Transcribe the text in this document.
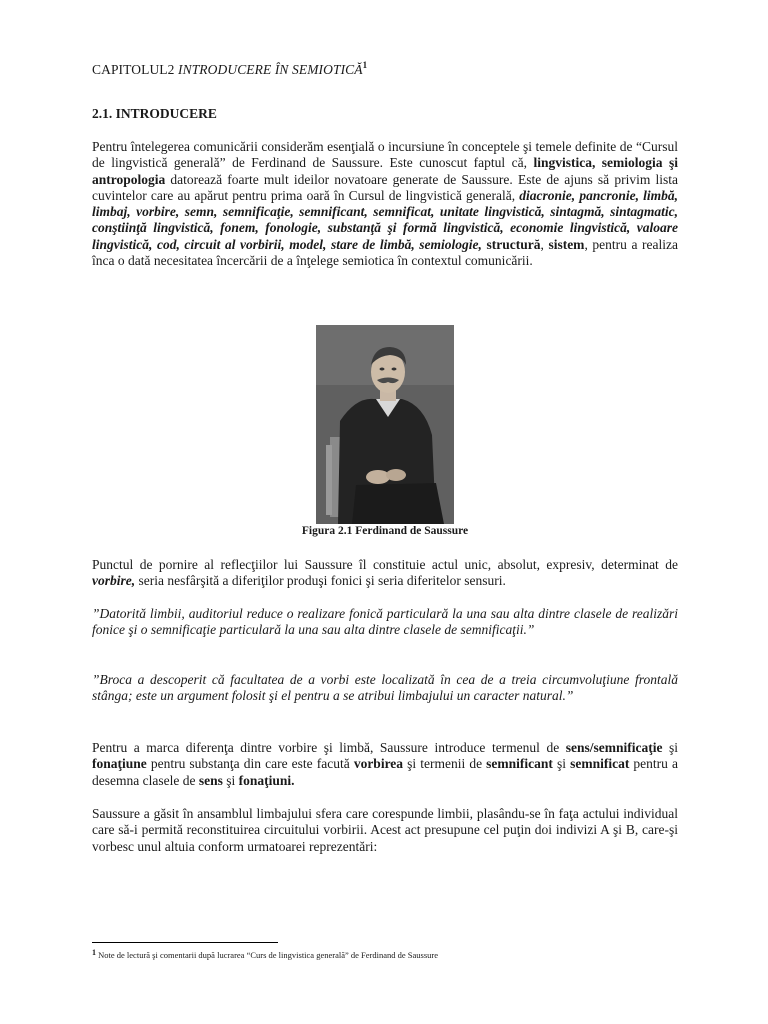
CAPITOLUL2 INTRODUCERE ÎN SEMIOTICĂ$^1$
2.1. INTRODUCERE

Pentru întelegerea comunicării considerăm esenţială o incursiune în conceptele şi temele definite de “Cursul de lingvistică generală” de Ferdinand de Saussure. Este cunoscut faptul că, lingvistica, semiologia şi antropologia datorează foarte mult ideilor novatoare generate de Saussure. Este de ajuns să privim lista cuvintelor care au apărut pentru prima oară în Cursul de lingvistică generală, diacronie, pancronie, limbă, limbaj, vorbire, semn, semnificaţie, semnificant, semnificat, unitate lingvistică, sintagmă, sintagmatic, conştiinţă lingvistică, fonem, fonologie, substanţă şi formă lingvistică, economie lingvistică, valoare lingvistică, cod, circuit al vorbirii, model, stare de limbă, semiologie, structură, sistem, pentru a realiza înca o dată necesitatea încercării de a înţelege semiotica în contextul comunicării.

Figura 2.1 Ferdinand de Saussure

Punctul de pornire al reflecţiilor lui Saussure îl constituie actul unic, absolut, expresiv, determinat de vorbire, seria nesfârşită a diferiţilor produşi fonici şi seria diferitelor sensuri.

”Datorită limbii, auditoriul reduce o realizare fonică particulară la una sau alta dintre clasele de realizări fonice şi o semnificaţie particulară la una sau alta dintre clasele de semnificaţii.”

”Broca a descoperit că facultatea de a vorbi este localizată în cea de a treia circumvoluţiune frontală stânga; este un argument folosit şi el pentru a se atribui limbajului un caracter natural.”

Pentru a marca diferenţa dintre vorbire şi limbă, Saussure introduce termenul de sens/semnificaţie şi fonaţiune pentru substanţa din care este facută vorbirea şi termenii de semnificant şi semnificat pentru a desemna clasele de sens şi fonaţiuni.

Saussure a găsit în ansamblul limbajului sfera care corespunde limbii, plasându-se în faţa actului individual care să-i permită reconstituirea circuitului vorbirii. Acest act presupune cel puţin doi indivizi A şi B, care-şi vorbesc unul altuia conform urmatoarei reprezentări:

$^1$ Note de lectură şi comentarii după lucrarea “Curs de lingvistica generală” de Ferdinand de Saussure
